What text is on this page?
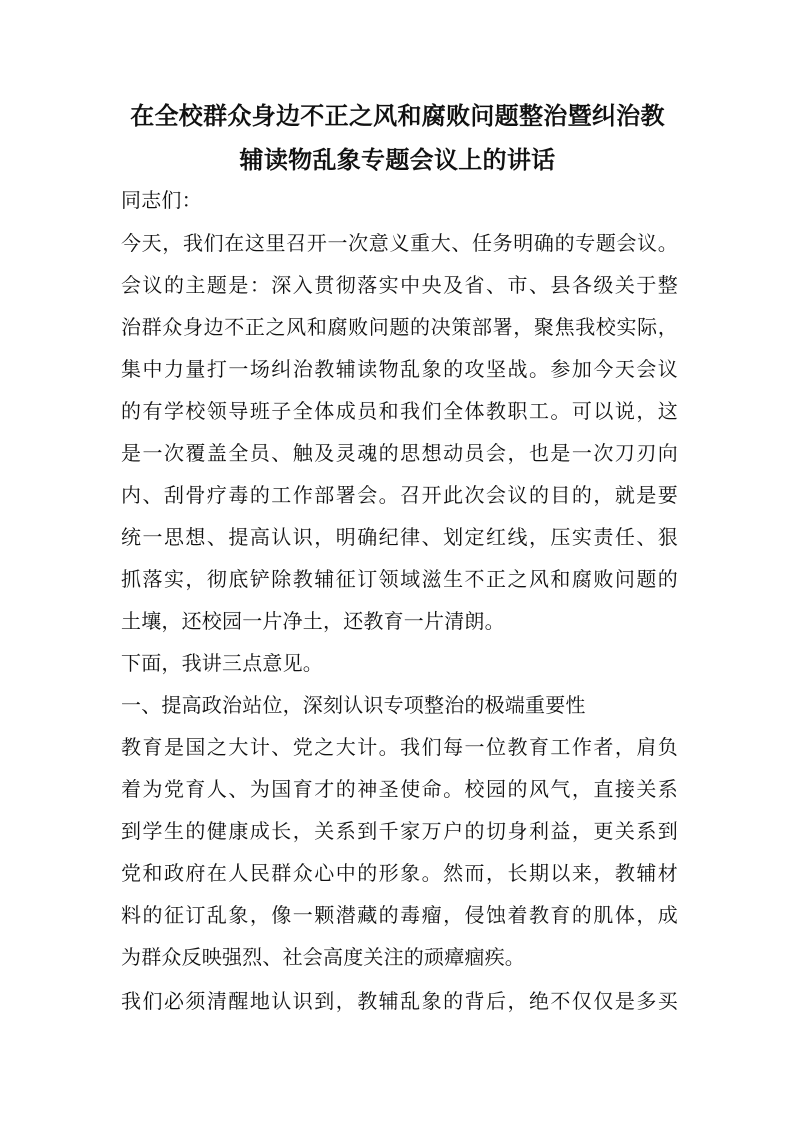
在全校群众身边不正之风和腐败问题整治暨纠治教
辅读物乱象专题会议上的讲话
同志们：
今天，我们在这里召开一次意义重大、任务明确的专题会议。
会议的主题是：深入贯彻落实中央及省、市、县各级关于整
治群众身边不正之风和腐败问题的决策部署，聚焦我校实际，
集中力量打一场纠治教辅读物乱象的攻坚战。参加今天会议
的有学校领导班子全体成员和我们全体教职工。可以说，这
是一次覆盖全员、触及灵魂的思想动员会，也是一次刀刃向
内、刮骨疗毒的工作部署会。召开此次会议的目的，就是要
统一思想、提高认识，明确纪律、划定红线，压实责任、狠
抓落实，彻底铲除教辅征订领域滋生不正之风和腐败问题的
土壤，还校园一片净土，还教育一片清朗。
下面，我讲三点意见。
一、提高政治站位，深刻认识专项整治的极端重要性
教育是国之大计、党之大计。我们每一位教育工作者，肩负
着为党育人、为国育才的神圣使命。校园的风气，直接关系
到学生的健康成长，关系到千家万户的切身利益，更关系到
党和政府在人民群众心中的形象。然而，长期以来，教辅材
料的征订乱象，像一颗潜藏的毒瘤，侵蚀着教育的肌体，成
为群众反映强烈、社会高度关注的顽瘴痼疾。
我们必须清醒地认识到，教辅乱象的背后，绝不仅仅是多买
